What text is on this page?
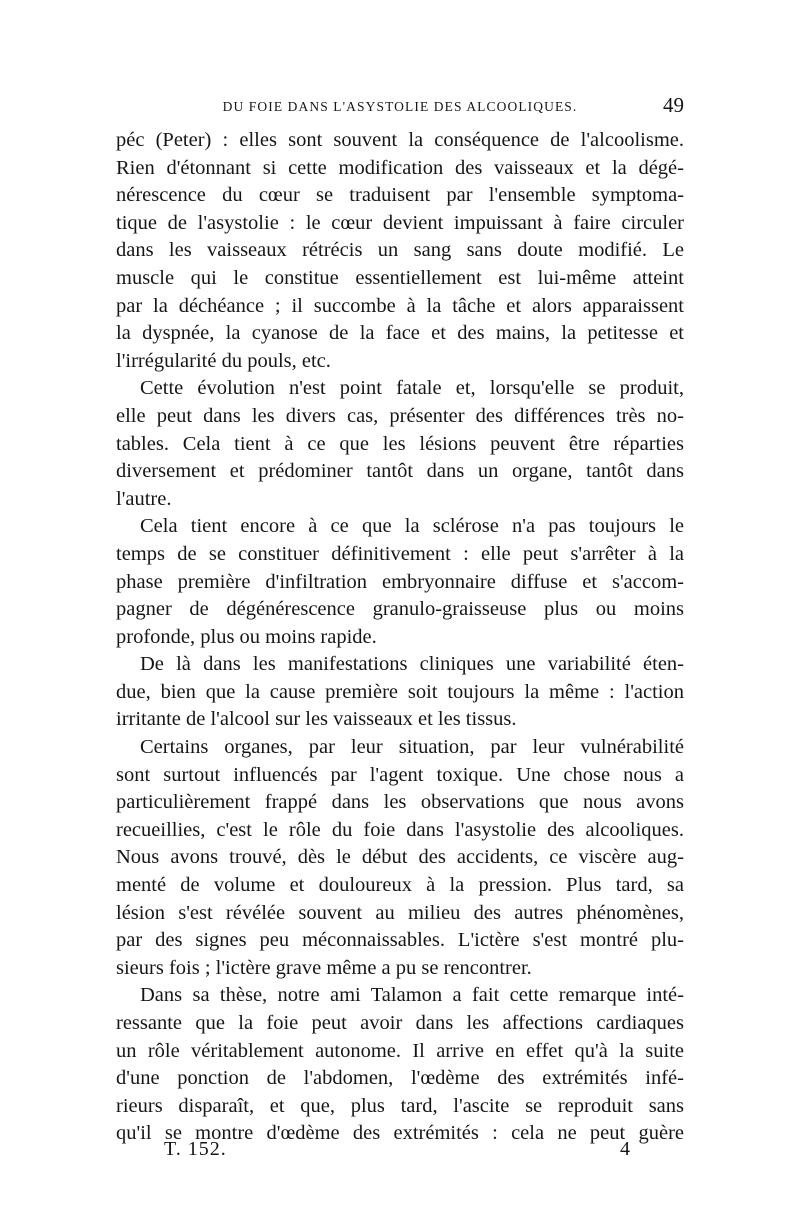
DU FOIE DANS L'ASYSTOLIE DES ALCOOLIQUES.	49
péc (Peter) : elles sont souvent la conséquence de l'alcoolisme.
Rien d'étonnant si cette modification des vaisseaux et la dégé-
nérescence du cœur se traduisent par l'ensemble symptoma-
tique de l'asystolie : le cœur devient impuissant à faire circuler
dans les vaisseaux rétrécis un sang sans doute modifié. Le
muscle qui le constitue essentiellement est lui-même atteint
par la déchéance ; il succombe à la tâche et alors apparaissent
la dyspnée, la cyanose de la face et des mains, la petitesse et
l'irrégularité du pouls, etc.
Cette évolution n'est point fatale et, lorsqu'elle se produit,
elle peut dans les divers cas, présenter des différences très no-
tables. Cela tient à ce que les lésions peuvent être réparties
diversement et prédominer tantôt dans un organe, tantôt dans
l'autre.
Cela tient encore à ce que la sclérose n'a pas toujours le
temps de se constituer définitivement : elle peut s'arrêter à la
phase première d'infiltration embryonnaire diffuse et s'accom-
pagner de dégénérescence granulo-graisseuse plus ou moins
profonde, plus ou moins rapide.
De là dans les manifestations cliniques une variabilité éten-
due, bien que la cause première soit toujours la même : l'action
irritante de l'alcool sur les vaisseaux et les tissus.
Certains organes, par leur situation, par leur vulnérabilité
sont surtout influencés par l'agent toxique. Une chose nous a
particulièrement frappé dans les observations que nous avons
recueillies, c'est le rôle du foie dans l'asystolie des alcooliques.
Nous avons trouvé, dès le début des accidents, ce viscère aug-
menté de volume et douloureux à la pression. Plus tard, sa
lésion s'est révélée souvent au milieu des autres phénomènes,
par des signes peu méconnaissables. L'ictère s'est montré plu-
sieurs fois ; l'ictère grave même a pu se rencontrer.
Dans sa thèse, notre ami Talamon a fait cette remarque inté-
ressante que la foie peut avoir dans les affections cardiaques
un rôle véritablement autonome. Il arrive en effet qu'à la suite
d'une ponction de l'abdomen, l'œdème des extrémités infé-
rieurs disparaît, et que, plus tard, l'ascite se reproduit sans
qu'il se montre d'œdème des extrémités : cela ne peut guère
T. 152.	4
